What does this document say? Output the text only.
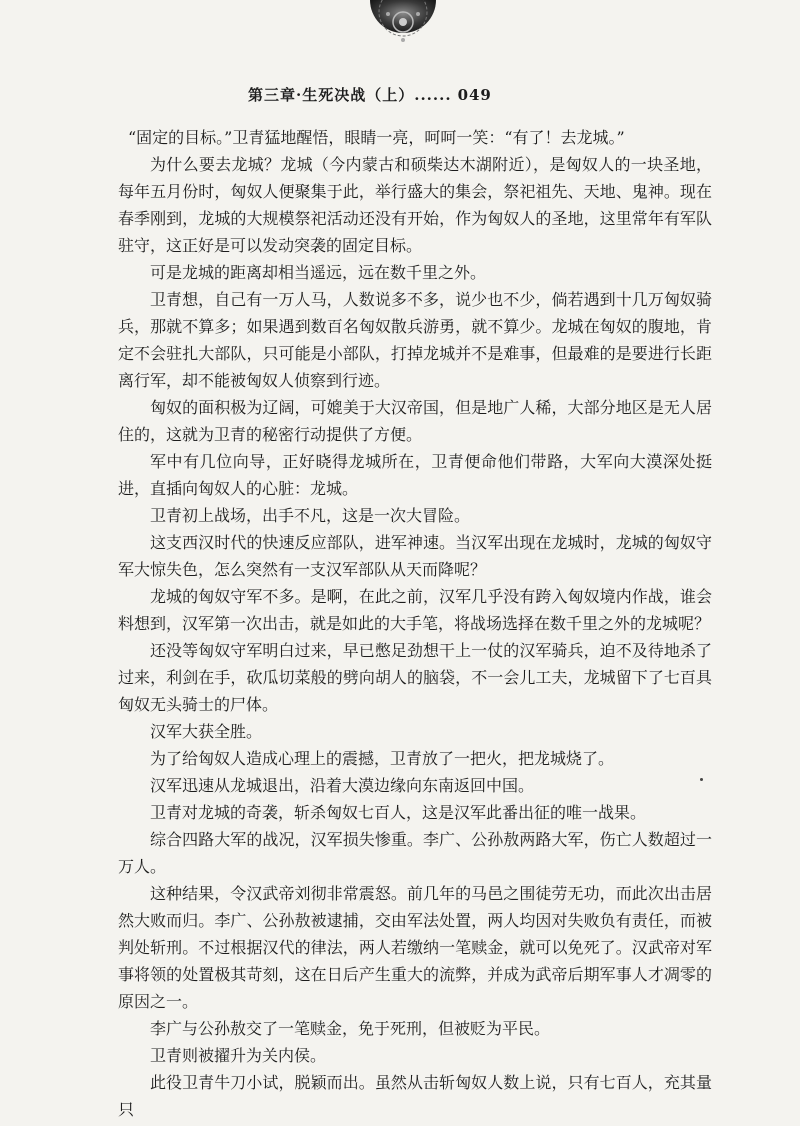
第三章·生死决战（上）...... 049

“固定的目标。”卫青猛地醒悟，眼睛一亮，呵呵一笑：“有了！去龙城。”

为什么要去龙城？龙城（今内蒙古和硕柴达木湖附近），是匈奴人的一块圣地，每年五月份时，匈奴人便聚集于此，举行盛大的集会，祭祀祖先、天地、鬼神。现在春季刚到，龙城的大规模祭祀活动还没有开始，作为匈奴人的圣地，这里常年有军队驻守，这正好是可以发动突袭的固定目标。

可是龙城的距离却相当遥远，远在数千里之外。

卫青想，自己有一万人马，人数说多不多，说少也不少，倘若遇到十几万匈奴骑兵，那就不算多；如果遇到数百名匈奴散兵游勇，就不算少。龙城在匈奴的腹地，肯定不会驻扎大部队，只可能是小部队，打掉龙城并不是难事，但最难的是要进行长距离行军，却不能被匈奴人侦察到行迹。

匈奴的面积极为辽阔，可媲美于大汉帝国，但是地广人稀，大部分地区是无人居住的，这就为卫青的秘密行动提供了方便。

军中有几位向导，正好晓得龙城所在，卫青便命他们带路，大军向大漠深处挺进，直插向匈奴人的心脏：龙城。

卫青初上战场，出手不凡，这是一次大冒险。

这支西汉时代的快速反应部队，进军神速。当汉军出现在龙城时，龙城的匈奴守军大惊失色，怎么突然有一支汉军部队从天而降呢？

龙城的匈奴守军不多。是啊，在此之前，汉军几乎没有跨入匈奴境内作战，谁会料想到，汉军第一次出击，就是如此的大手笔，将战场选择在数千里之外的龙城呢？

还没等匈奴守军明白过来，早已憋足劲想干上一仗的汉军骑兵，迫不及待地杀了过来，利剑在手，砍瓜切菜般的劈向胡人的脑袋，不一会儿工夫，龙城留下了七百具匈奴无头骑士的尸体。

汉军大获全胜。

为了给匈奴人造成心理上的震撼，卫青放了一把火，把龙城烧了。

汉军迅速从龙城退出，沿着大漠边缘向东南返回中国。

卫青对龙城的奇袭，斩杀匈奴七百人，这是汉军此番出征的唯一战果。

综合四路大军的战况，汉军损失惨重。李广、公孙敖两路大军，伤亡人数超过一万人。

这种结果，令汉武帝刘彻非常震怒。前几年的马邑之围徒劳无功，而此次出击居然大败而归。李广、公孙敖被逮捕，交由军法处置，两人均因对失败负有责任，而被判处斩刑。不过根据汉代的律法，两人若缴纳一笔赎金，就可以免死了。汉武帝对军事将领的处置极其苛刻，这在日后产生重大的流弊，并成为武帝后期军事人才凋零的原因之一。

李广与公孙敖交了一笔赎金，免于死刑，但被贬为平民。

卫青则被擢升为关内侯。

此役卫青牛刀小试，脱颖而出。虽然从击斩匈奴人数上说，只有七百人，充其量只
